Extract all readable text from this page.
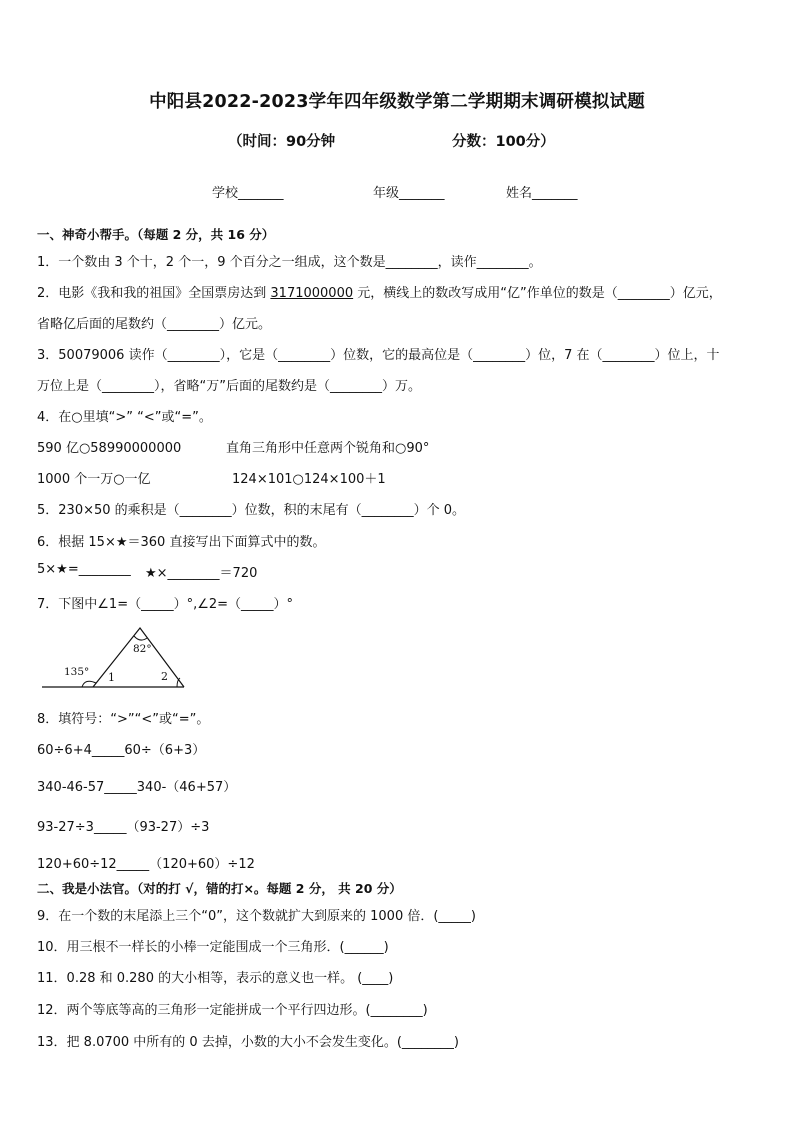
中阳县2022-2023学年四年级数学第二学期期末调研模拟试题
（时间：90分钟	分数：100分）
学校_______	年级_______	姓名_______
一、神奇小帮手。（每题 2 分，共 16 分）
1．一个数由 3 个十，2 个一，9 个百分之一组成，这个数是________，读作________。
2．电影《我和我的祖国》全国票房达到 3171000000 元，横线上的数改写成用“亿”作单位的数是（________）亿元，
省略亿后面的尾数约（________）亿元。
3．50079006 读作（________），它是（________）位数，它的最高位是（________）位，7 在（________）位上，十
万位上是（________），省略“万”后面的尾数约是（________）万。
4．在○里填“>” “<”或“=”。
590 亿○58990000000	直角三角形中任意两个锐角和○90°
1000 个一万○一亿	124×101○124×100＋1
5．230×50 的乘积是（________）位数，积的末尾有（________）个 0。
6．根据 15×★＝360 直接写出下面算式中的数。
5×★=________ ★×________＝720
7．下图中∠1=（_____）°,∠2=（_____）°
82°
135° 1	2
8．填符号：“>”“<”或“=”。
60÷6+4_____60÷（6+3）
340-46-57_____340-（46+57）
93-27÷3_____（93-27）÷3
120+60÷12_____（120+60）÷12
二、我是小法官。（对的打 √，错的打×。每题 2 分， 共 20 分）
9．在一个数的末尾添上三个“0”，这个数就扩大到原来的 1000 倍．(_____)
10．用三根不一样长的小棒一定能围成一个三角形．(______)
11．0.28 和 0.280 的大小相等，表示的意义也一样。 (____)
12．两个等底等高的三角形一定能拼成一个平行四边形。(________)
13．把 8.0700 中所有的 0 去掉，小数的大小不会发生变化。(________)
